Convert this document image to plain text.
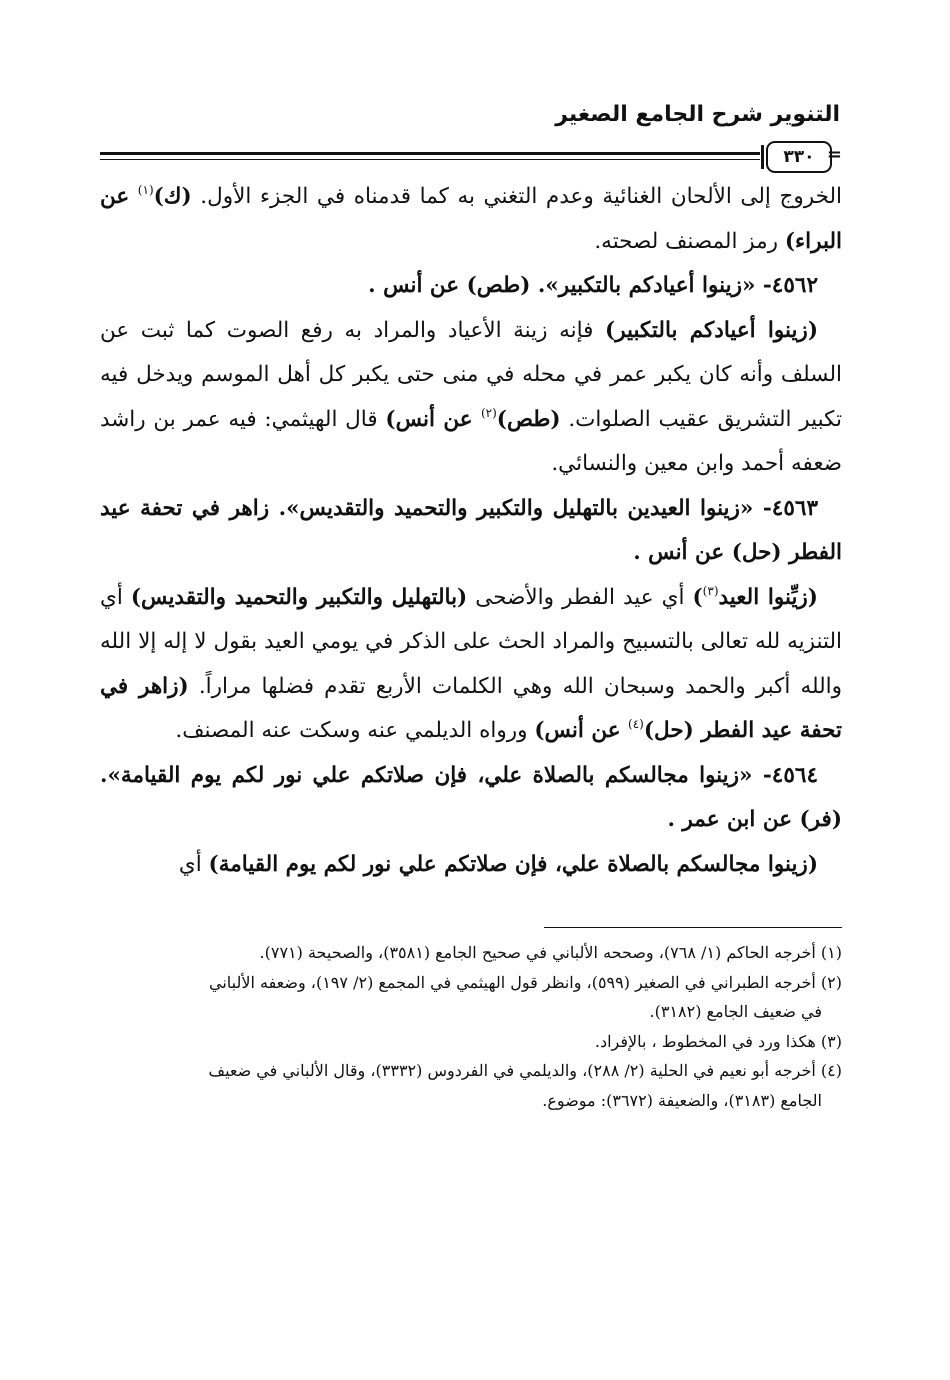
التنوير شرح الجامع الصغير
٣٣٠ =

الخروج إلى الألحان الغنائية وعدم التغني به كما قدمناه في الجزء الأول. (ك)$^{(١)}$ عن البراء) رمز المصنف لصحته.

٤٥٦٢- «زينوا أعيادكم بالتكبير». (طص) عن أنس .

(زينوا أعيادكم بالتكبير) فإنه زينة الأعياد والمراد به رفع الصوت كما ثبت عن السلف وأنه كان يكبر عمر في محله في منى حتى يكبر كل أهل الموسم ويدخل فيه تكبير التشريق عقيب الصلوات. (طص)$^{(٢)}$ عن أنس) قال الهيثمي: فيه عمر بن راشد ضعفه أحمد وابن معين والنسائي.

٤٥٦٣- «زينوا العيدين بالتهليل والتكبير والتحميد والتقديس». زاهر في تحفة عيد الفطر (حل) عن أنس .

(زيِّنوا العيد$^{(٣)}$) أي عيد الفطر والأضحى (بالتهليل والتكبير والتحميد والتقديس) أي التنزيه لله تعالى بالتسبيح والمراد الحث على الذكر في يومي العيد بقول لا إله إلا الله والله أكبر والحمد وسبحان الله وهي الكلمات الأربع تقدم فضلها مراراً. (زاهر في تحفة عيد الفطر (حل)$^{(٤)}$ عن أنس) ورواه الديلمي عنه وسكت عنه المصنف.

٤٥٦٤- «زينوا مجالسكم بالصلاة علي، فإن صلاتكم علي نور لكم يوم القيامة». (فر) عن ابن عمر .

(زينوا مجالسكم بالصلاة علي، فإن صلاتكم علي نور لكم يوم القيامة) أي

(١) أخرجه الحاكم (١/ ٧٦٨)، وصححه الألباني في صحيح الجامع (٣٥٨١)، والصحيحة (٧٧١).

(٢) أخرجه الطبراني في الصغير (٥٩٩)، وانظر قول الهيثمي في المجمع (٢/ ١٩٧)، وضعفه الألباني

في ضعيف الجامع (٣١٨٢).

(٣) هكذا ورد في المخطوط ، بالإفراد.

(٤) أخرجه أبو نعيم في الحلية (٢/ ٢٨٨)، والديلمي في الفردوس (٣٣٣٢)، وقال الألباني في ضعيف

الجامع (٣١٨٣)، والضعيفة (٣٦٧٢): موضوع.
